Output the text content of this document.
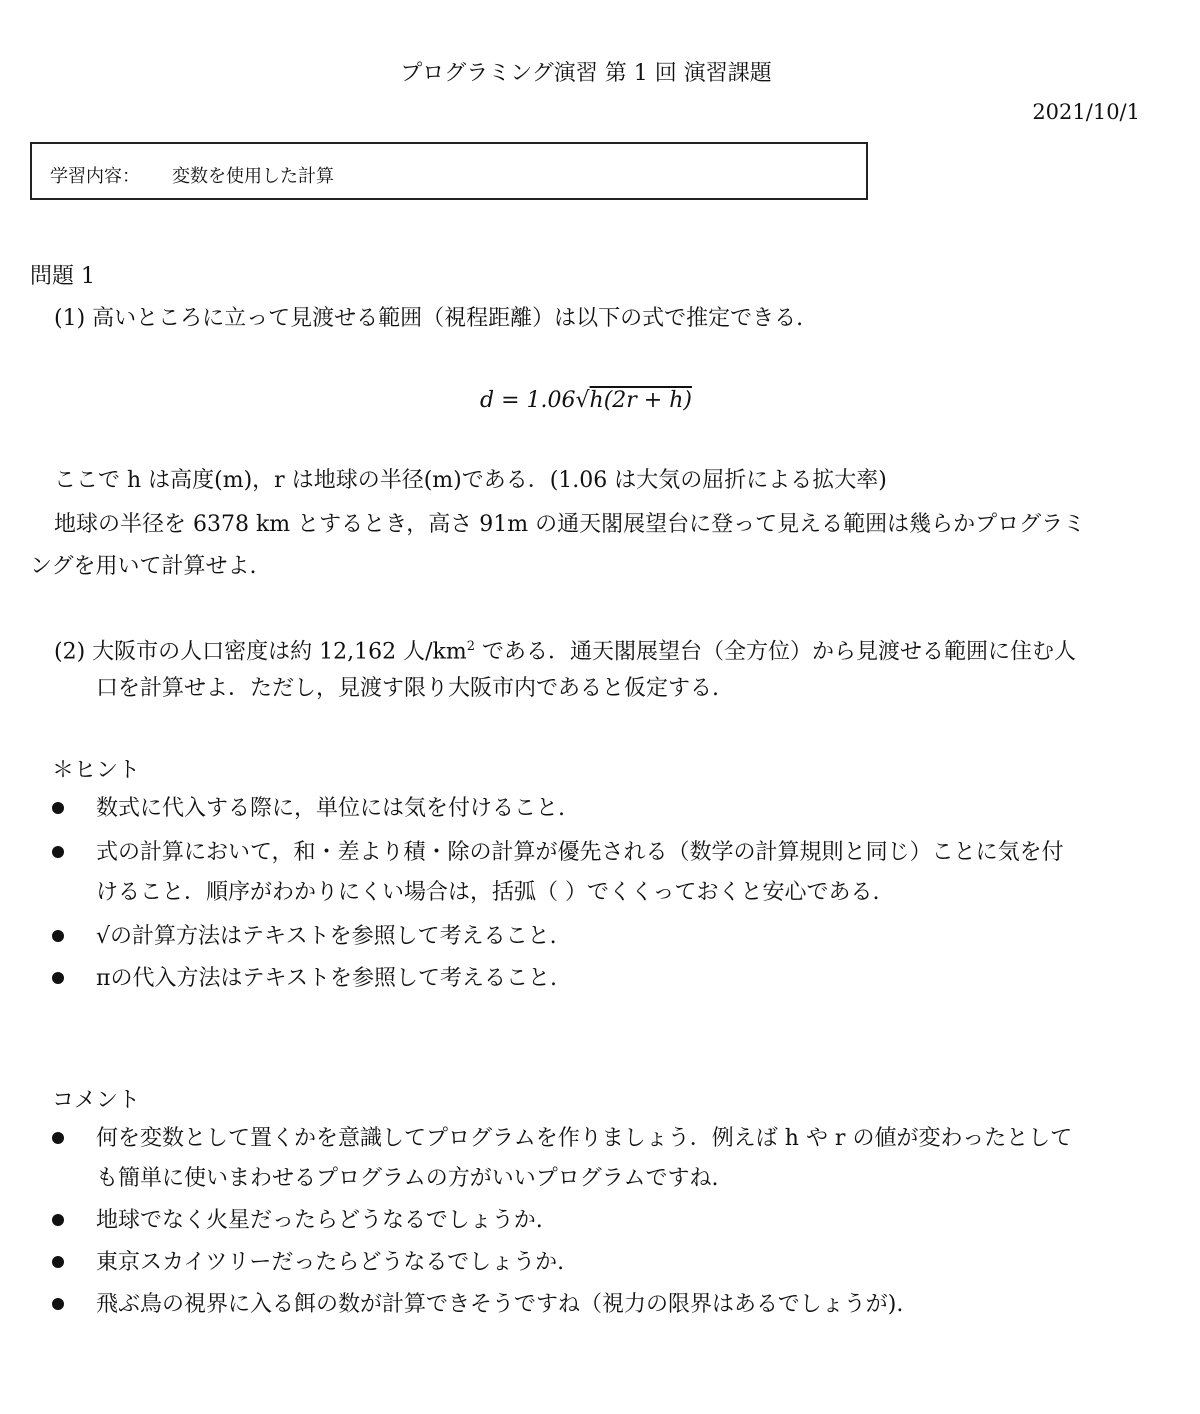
プログラミング演習 第 1 回 演習課題
2021/10/1
学習内容： 変数を使用した計算
問題 1
(1) 高いところに立って見渡せる範囲（視程距離）は以下の式で推定できる.
d = 1.06√h(2r + h)
ここで h は高度(m)，r は地球の半径(m)である．(1.06 は大気の屈折による拡大率)
地球の半径を 6378 km とするとき，高さ 91m の通天閣展望台に登って見える範囲は幾らかプログラミ
ングを用いて計算せよ.
(2) 大阪市の人口密度は約 12,162 人$/km^2$ である．通天閣展望台（全方位）から見渡せる範囲に住む人
口を計算せよ．ただし，見渡す限り大阪市内であると仮定する.
＊ヒント
数式に代入する際に，単位には気を付けること.
式の計算において，和・差より積・除の計算が優先される（数学の計算規則と同じ）ことに気を付
けること．順序がわかりにくい場合は，括弧（ ）でくくっておくと安心である.
√の計算方法はテキストを参照して考えること.
πの代入方法はテキストを参照して考えること.
コメント
何を変数として置くかを意識してプログラムを作りましょう．例えば h や r の値が変わったとして
も簡単に使いまわせるプログラムの方がいいプログラムですね.
地球でなく火星だったらどうなるでしょうか.
東京スカイツリーだったらどうなるでしょうか.
飛ぶ鳥の視界に入る餌の数が計算できそうですね（視力の限界はあるでしょうが).
